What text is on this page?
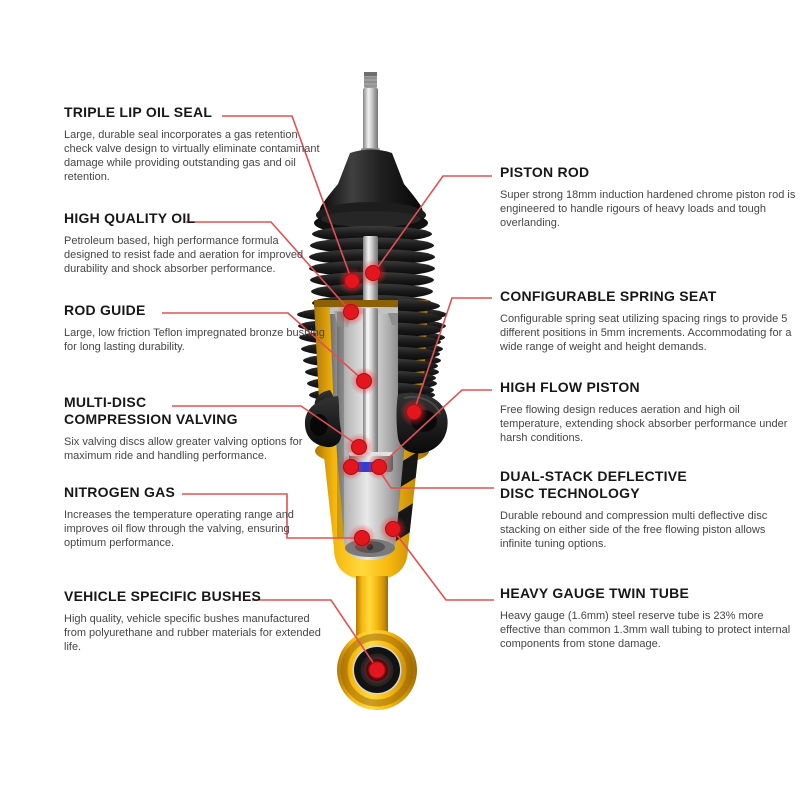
TRIPLE LIP OIL SEAL

Large, durable seal incorporates a gas retention check valve design to virtually eliminate contaminant damage while providing outstanding gas and oil retention.

HIGH QUALITY OIL

Petroleum based, high performance formula designed to resist fade and aeration for improved durability and shock absorber performance.

ROD GUIDE

Large, low friction Teflon impregnated bronze bushing for long lasting durability.

MULTI-DISC
COMPRESSION VALVING

Six valving discs allow greater valving options for maximum ride and handling performance.

NITROGEN GAS

Increases the temperature operating range and improves oil flow through the valving, ensuring optimum performance.

VEHICLE SPECIFIC BUSHES

High quality, vehicle specific bushes manufactured from polyurethane and rubber materials for extended life.

PISTON ROD

Super strong 18mm induction hardened chrome piston rod is engineered to handle rigours of heavy loads and tough overlanding.

CONFIGURABLE SPRING SEAT

Configurable spring seat utilizing spacing rings to provide 5 different positions in 5mm increments. Accommodating for a wide range of weight and height demands.

HIGH FLOW PISTON

Free flowing design reduces aeration and high oil temperature, extending shock absorber performance under harsh conditions.

DUAL-STACK DEFLECTIVE
DISC TECHNOLOGY

Durable rebound and compression multi deflective disc stacking on either side of the free flowing piston allows infinite tuning options.

HEAVY GAUGE TWIN TUBE

Heavy gauge (1.6mm) steel reserve tube is 23% more effective than common 1.3mm wall tubing to protect internal components from stone damage.
